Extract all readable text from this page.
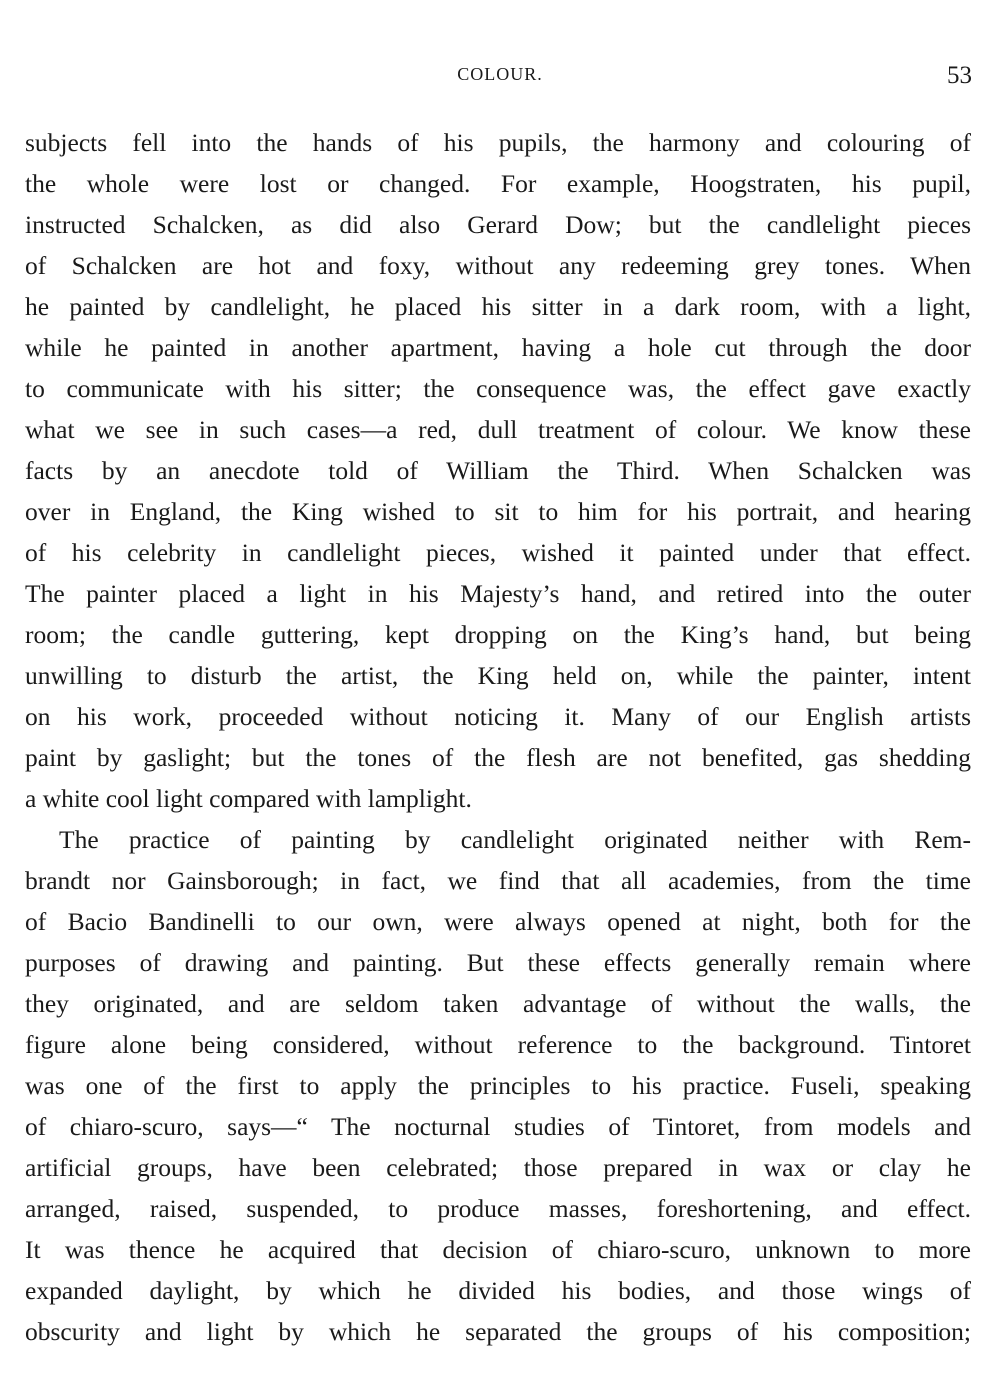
COLOUR.	53
subjects fell into the hands of his pupils, the harmony and colouring of
the whole were lost or changed. For example, Hoogstraten, his pupil,
instructed Schalcken, as did also Gerard Dow; but the candlelight pieces
of Schalcken are hot and foxy, without any redeeming grey tones. When
he painted by candlelight, he placed his sitter in a dark room, with a light,
while he painted in another apartment, having a hole cut through the door
to communicate with his sitter; the consequence was, the effect gave exactly
what we see in such cases—a red, dull treatment of colour. We know these
facts by an anecdote told of William the Third. When Schalcken was
over in England, the King wished to sit to him for his portrait, and hearing
of his celebrity in candlelight pieces, wished it painted under that effect.
The painter placed a light in his Majesty’s hand, and retired into the outer
room; the candle guttering, kept dropping on the King’s hand, but being
unwilling to disturb the artist, the King held on, while the painter, intent
on his work, proceeded without noticing it. Many of our English artists
paint by gaslight; but the tones of the flesh are not benefited, gas shedding
a white cool light compared with lamplight.
The practice of painting by candlelight originated neither with Rem-
brandt nor Gainsborough; in fact, we find that all academies, from the time
of Bacio Bandinelli to our own, were always opened at night, both for the
purposes of drawing and painting. But these effects generally remain where
they originated, and are seldom taken advantage of without the walls, the
figure alone being considered, without reference to the background. Tintoret
was one of the first to apply the principles to his practice. Fuseli, speaking
of chiaro-scuro, says—“ The nocturnal studies of Tintoret, from models and
artificial groups, have been celebrated; those prepared in wax or clay he
arranged, raised, suspended, to produce masses, foreshortening, and effect.
It was thence he acquired that decision of chiaro-scuro, unknown to more
expanded daylight, by which he divided his bodies, and those wings of
obscurity and light by which he separated the groups of his composition;
